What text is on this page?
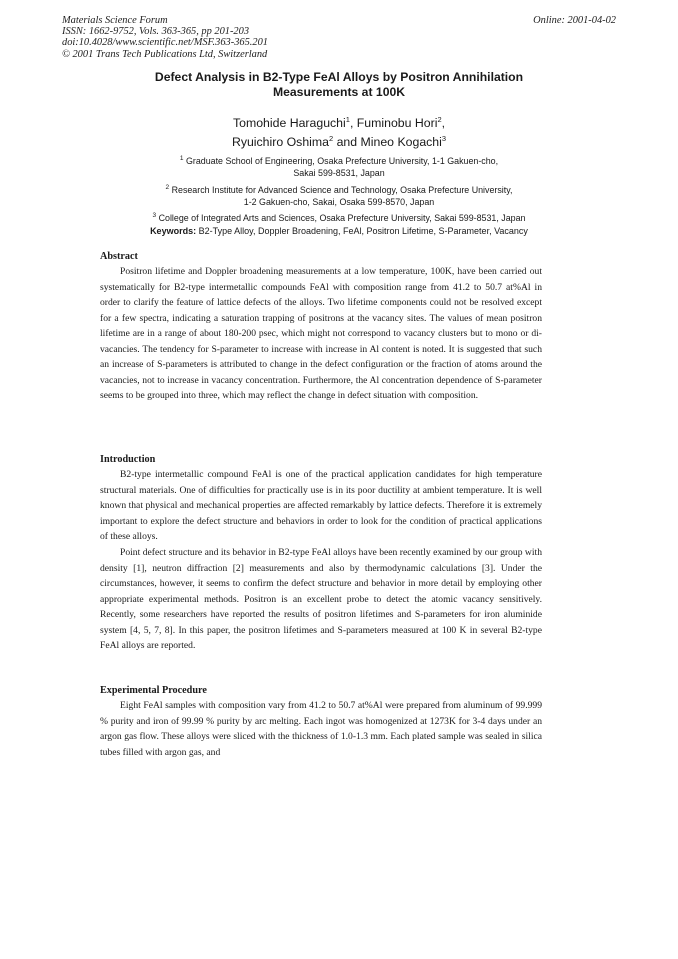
Materials Science Forum
ISSN: 1662-9752, Vols. 363-365, pp 201-203
doi:10.4028/www.scientific.net/MSF.363-365.201
© 2001 Trans Tech Publications Ltd, Switzerland
Online: 2001-04-02
Defect Analysis in B2-Type FeAl Alloys by Positron Annihilation
Measurements at 100K
Tomohide Haraguchi$^1$, Fuminobu Hori$^2$,
Ryuichiro Oshima$^2$ and Mineo Kogachi$^3$
$^1$ Graduate School of Engineering, Osaka Prefecture University, 1-1 Gakuen-cho,
Sakai 599-8531, Japan
$^2$ Research Institute for Advanced Science and Technology, Osaka Prefecture University,
1-2 Gakuen-cho, Sakai, Osaka 599-8570, Japan
$^3$ College of Integrated Arts and Sciences, Osaka Prefecture University, Sakai 599-8531, Japan
Keywords: B2-Type Alloy, Doppler Broadening, FeAl, Positron Lifetime, S-Parameter, Vacancy
Abstract

Positron lifetime and Doppler broadening measurements at a low temperature, 100K, have been carried out systematically for B2-type intermetallic compounds FeAl with composition range from 41.2 to 50.7 at%Al in order to clarify the feature of lattice defects of the alloys. Two lifetime components could not be resolved except for a few spectra, indicating a saturation trapping of positrons at the vacancy sites. The values of mean positron lifetime are in a range of about 180-200 psec, which might not correspond to vacancy clusters but to mono or di-vacancies. The tendency for S-parameter to increase with increase in Al content is noted. It is suggested that such an increase of S-parameters is attributed to change in the defect configuration or the fraction of atoms around the vacancies, not to increase in vacancy concentration. Furthermore, the Al concentration dependence of S-parameter seems to be grouped into three, which may reflect the change in defect situation with composition.

Introduction

B2-type intermetallic compound FeAl is one of the practical application candidates for high temperature structural materials. One of difficulties for practically use is in its poor ductility at ambient temperature. It is well known that physical and mechanical properties are affected remarkably by lattice defects. Therefore it is extremely important to explore the defect structure and behaviors in order to look for the condition of practical applications of these alloys.

Point defect structure and its behavior in B2-type FeAl alloys have been recently examined by our group with density [1], neutron diffraction [2] measurements and also by thermodynamic calculations [3]. Under the circumstances, however, it seems to confirm the defect structure and behavior in more detail by employing other appropriate experimental methods. Positron is an excellent probe to detect the atomic vacancy sensitively. Recently, some researchers have reported the results of positron lifetimes and S-parameters for iron aluminide system [4, 5, 7, 8]. In this paper, the positron lifetimes and S-parameters measured at 100 K in several B2-type FeAl alloys are reported.

Experimental Procedure

Eight FeAl samples with composition vary from 41.2 to 50.7 at%Al were prepared from aluminum of 99.999 % purity and iron of 99.99 % purity by arc melting. Each ingot was homogenized at 1273K for 3-4 days under an argon gas flow. These alloys were sliced with the thickness of 1.0-1.3 mm. Each plated sample was sealed in silica tubes filled with argon gas, and
